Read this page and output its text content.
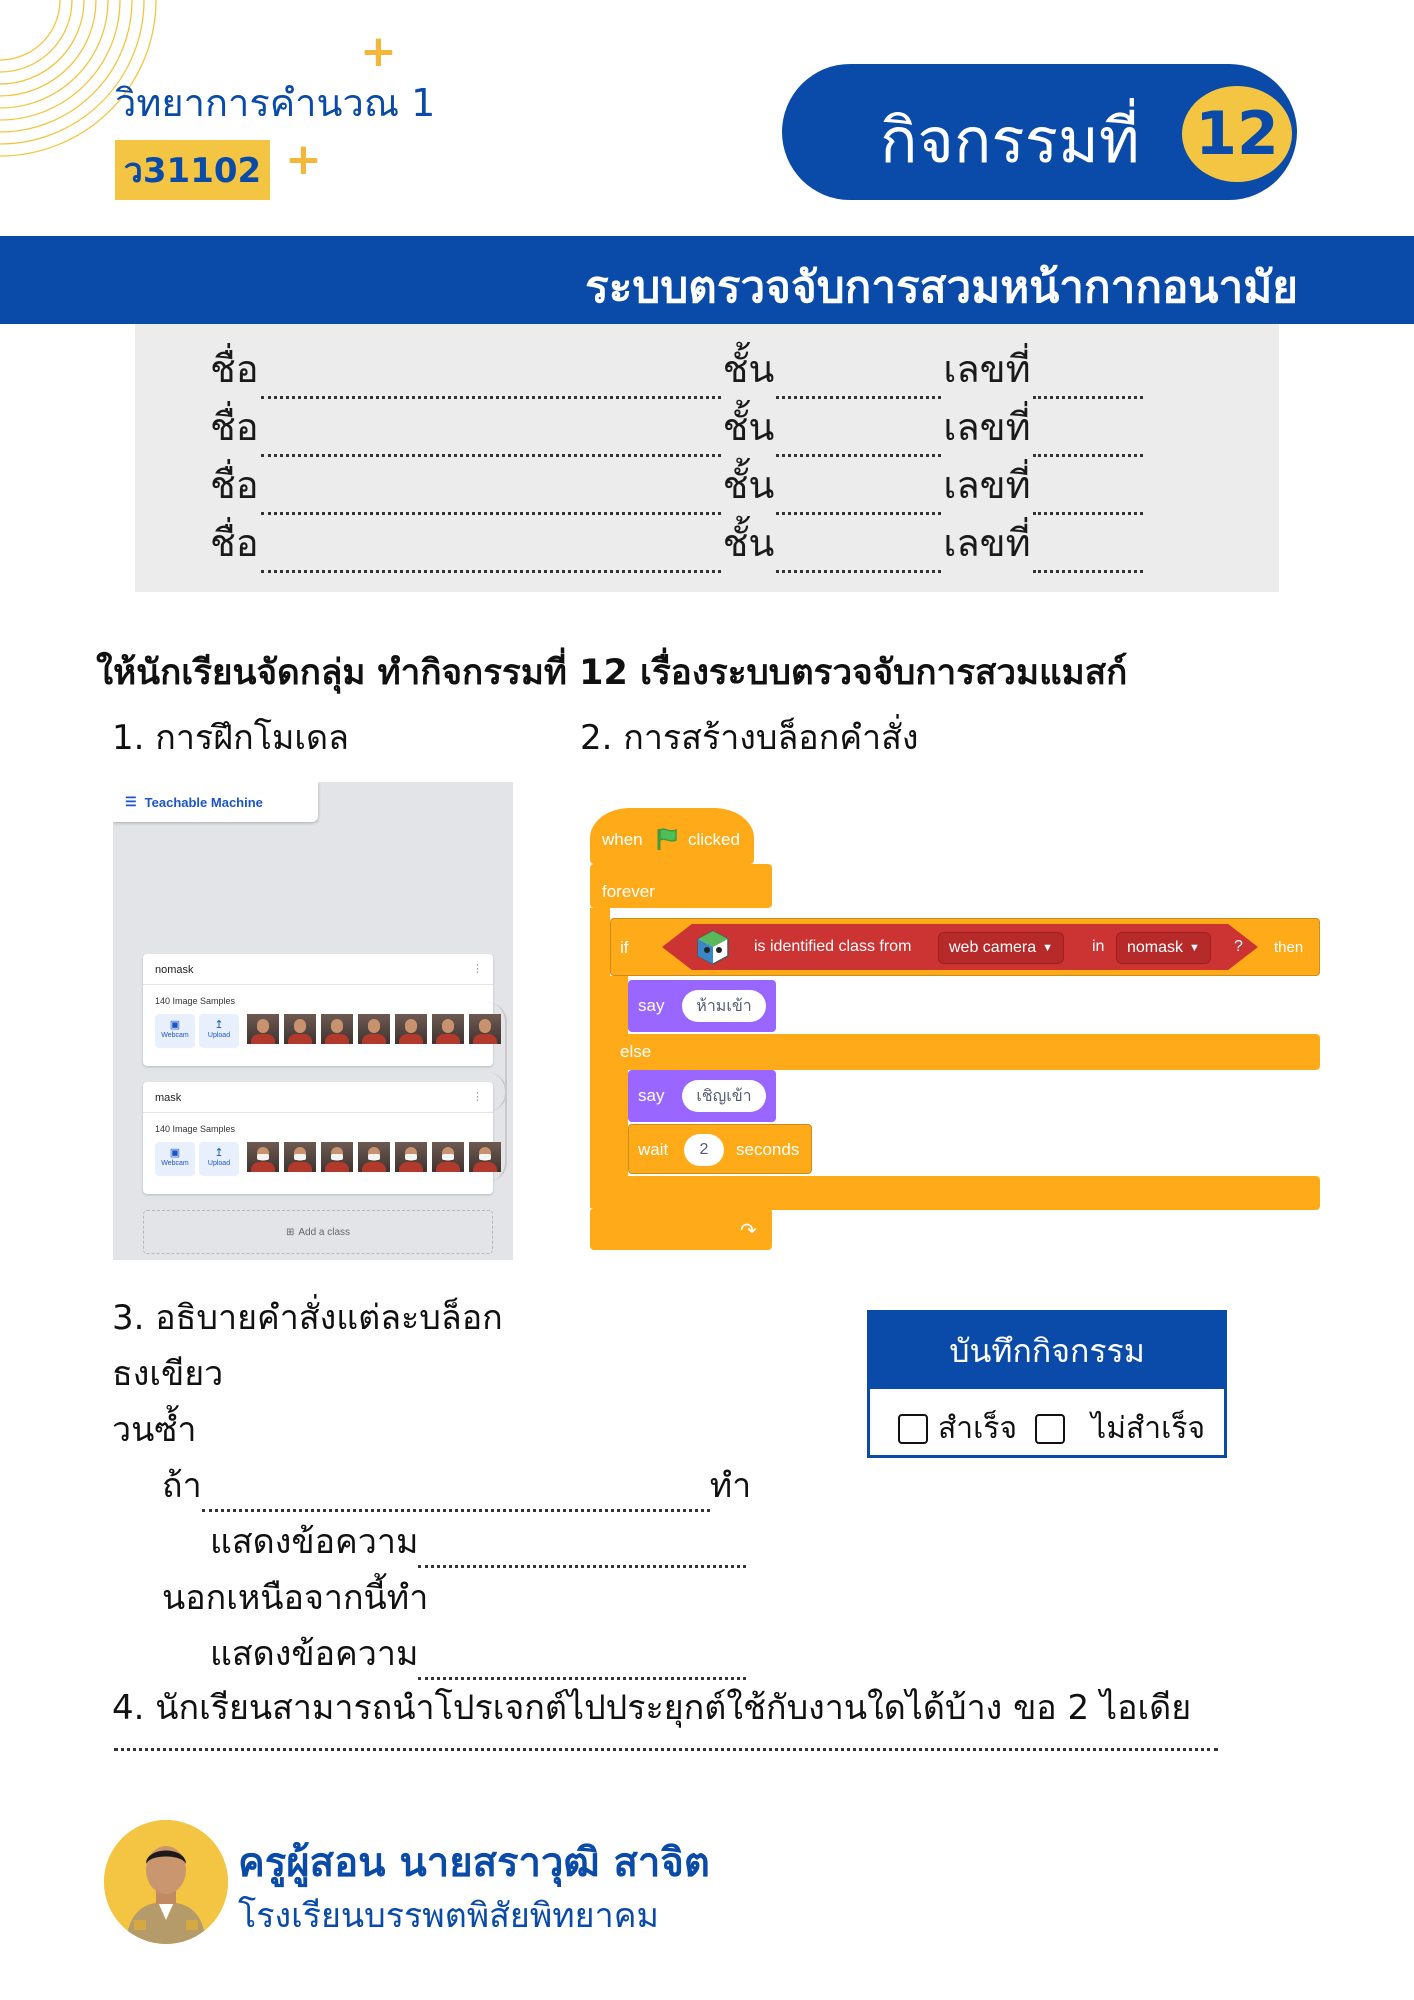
+
+
วิทยาการคำนวณ 1
ว31102	กิจกรรมที่ 12
ระบบตรวจจับการสวมหน้ากากอนามัย
ชื่อ	ชั้น	เลขที่
ชื่อ	ชั้น	เลขที่
ชื่อ	ชั้น	เลขที่
ชื่อ	ชั้น	เลขที่
ให้นักเรียนจัดกลุ่ม ทำกิจกรรมที่ 12 เรื่องระบบตรวจจับการสวมแมสก์
1. การฝึกโมเดล	2. การสร้างบล็อกคำสั่ง
☰ Teachable Machine
nomask	⋮
140 Image Samples
▣
Webcam
↥
Upload
mask	⋮
140 Image Samples
▣
Webcam
↥
Upload
⊞ Add a class
when	clicked
forever
↷
if	is identified class from web camera ▼ in nomask ▼ ? then
say	ห้ามเข้า
else
say	เชิญเข้า
wait	2	seconds
3. อธิบายคำสั่งแต่ละบล็อก
ธงเขียว
วนซ้ำ
ถ้า	ทำ
แสดงข้อความ
นอกเหนือจากนี้ทำ
แสดงข้อความ
บันทึกกิจกรรม
สำเร็จ ไม่สำเร็จ
4. นักเรียนสามารถนำโปรเจกต์ไปประยุกต์ใช้กับงานใดได้บ้าง ขอ 2 ไอเดีย
ครูผู้สอน นายสราวุฒิ สาจิต
โรงเรียนบรรพตพิสัยพิทยาคม
